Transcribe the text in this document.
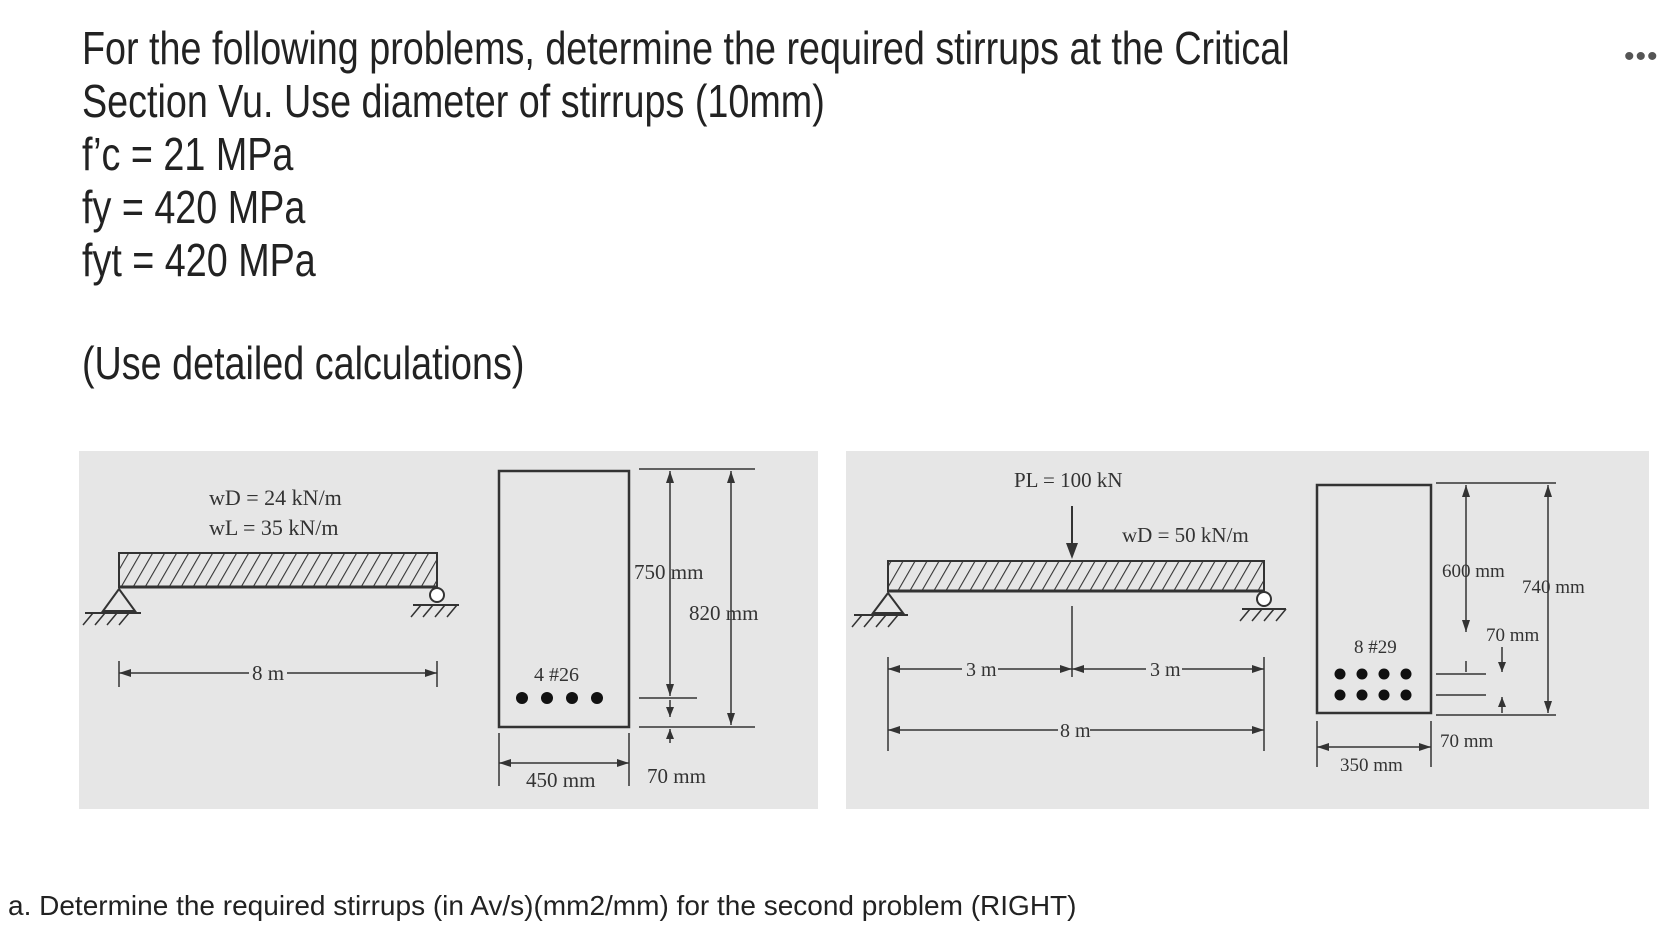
For the following problems, determine the required stirrups at the Critical
Section Vu. Use diameter of stirrups (10mm)
f’c = 21 MPa
fy = 420 MPa
fyt = 420 MPa
(Use detailed calculations)
•••
wD = 24 kN/m
wL = 35 kN/m
8 m	4 #26
750 mm
820 mm
70 mm
450 mm
PL = 100 kN
wD = 50 kN/m
3 m	3 m
8 m
8 #29
600 mm
740 mm
70 mm
70 mm
350 mm
a. Determine the required stirrups (in Av/s)(mm2/mm) for the second problem (RIGHT)
